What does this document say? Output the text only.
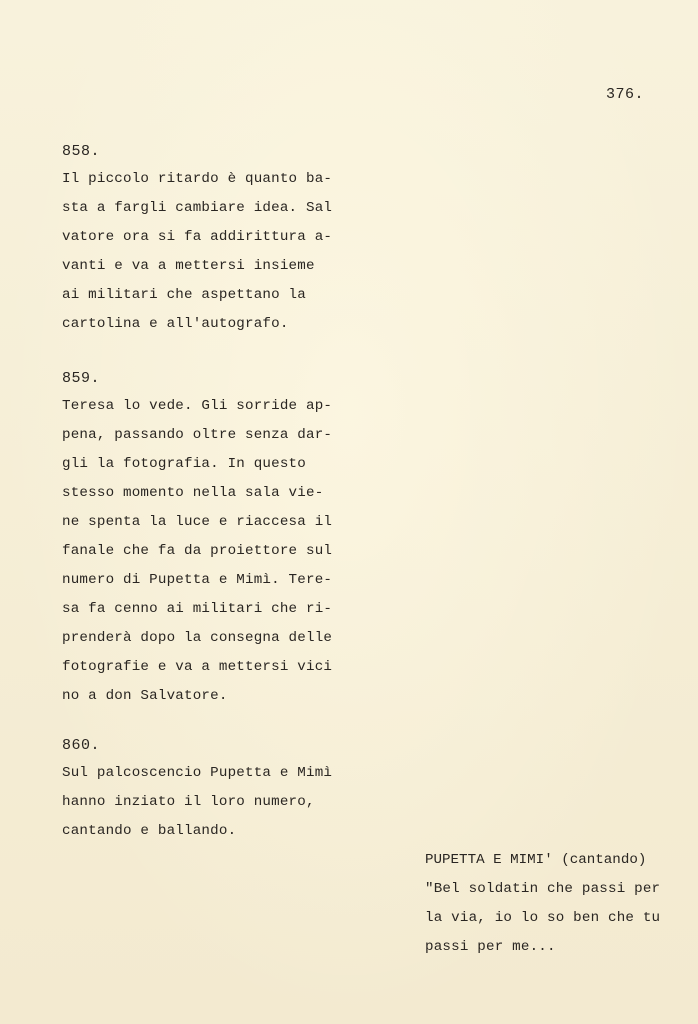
376.
858.
Il piccolo ritardo è quanto ba-
sta a fargli cambiare idea. Sal
vatore ora si fa addirittura a-
vanti e va a mettersi insieme
ai militari che aspettano la
cartolina e all'autografo.
859.
Teresa lo vede. Gli sorride ap-
pena, passando oltre senza dar-
gli la fotografia. In questo
stesso momento nella sala vie-
ne spenta la luce e riaccesa il
fanale che fa da proiettore sul
numero di Pupetta e Mimì. Tere-
sa fa cenno ai militari che ri-
prenderà dopo la consegna delle
fotografie e va a mettersi vici
no a don Salvatore.
860.
Sul palcoscencio Pupetta e Mimì
hanno inziato il loro numero,
cantando e ballando.
PUPETTA E MIMI' (cantando)
"Bel soldatin che passi per
la via, io lo so ben che tu
passi per me...
